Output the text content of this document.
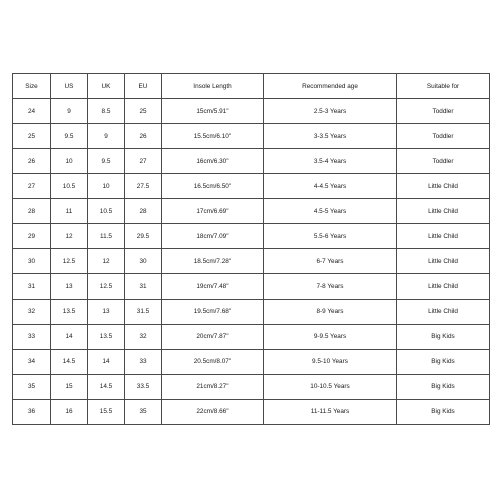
Size	US	UK	EU	Insole Length	Recommended age	Suitable for
24	9	8.5	25	15cm/5.91''	2.5-3 Years	Toddler
25	9.5	9	26	15.5cm/6.10''	3-3.5 Years	Toddler
26	10	9.5	27	16cm/6.30''	3.5-4 Years	Toddler
27	10.5	10	27.5	16.5cm/6.50''	4-4.5 Years	Little Child
28	11	10.5	28	17cm/6.69''	4.5-5 Years	Little Child
29	12	11.5	29.5	18cm/7.09''	5.5-6 Years	Little Child
30	12.5	12	30	18.5cm/7.28''	6-7 Years	Little Child
31	13	12.5	31	19cm/7.48''	7-8 Years	Little Child
32	13.5	13	31.5	19.5cm/7.68''	8-9 Years	Little Child
33	14	13.5	32	20cm/7.87''	9-9.5 Years	Big Kids
34	14.5	14	33	20.5cm/8.07''	9.5-10 Years	Big Kids
35	15	14.5	33.5	21cm/8.27''	10-10.5 Years	Big Kids
36	16	15.5	35	22cm/8.66''	11-11.5 Years	Big Kids
